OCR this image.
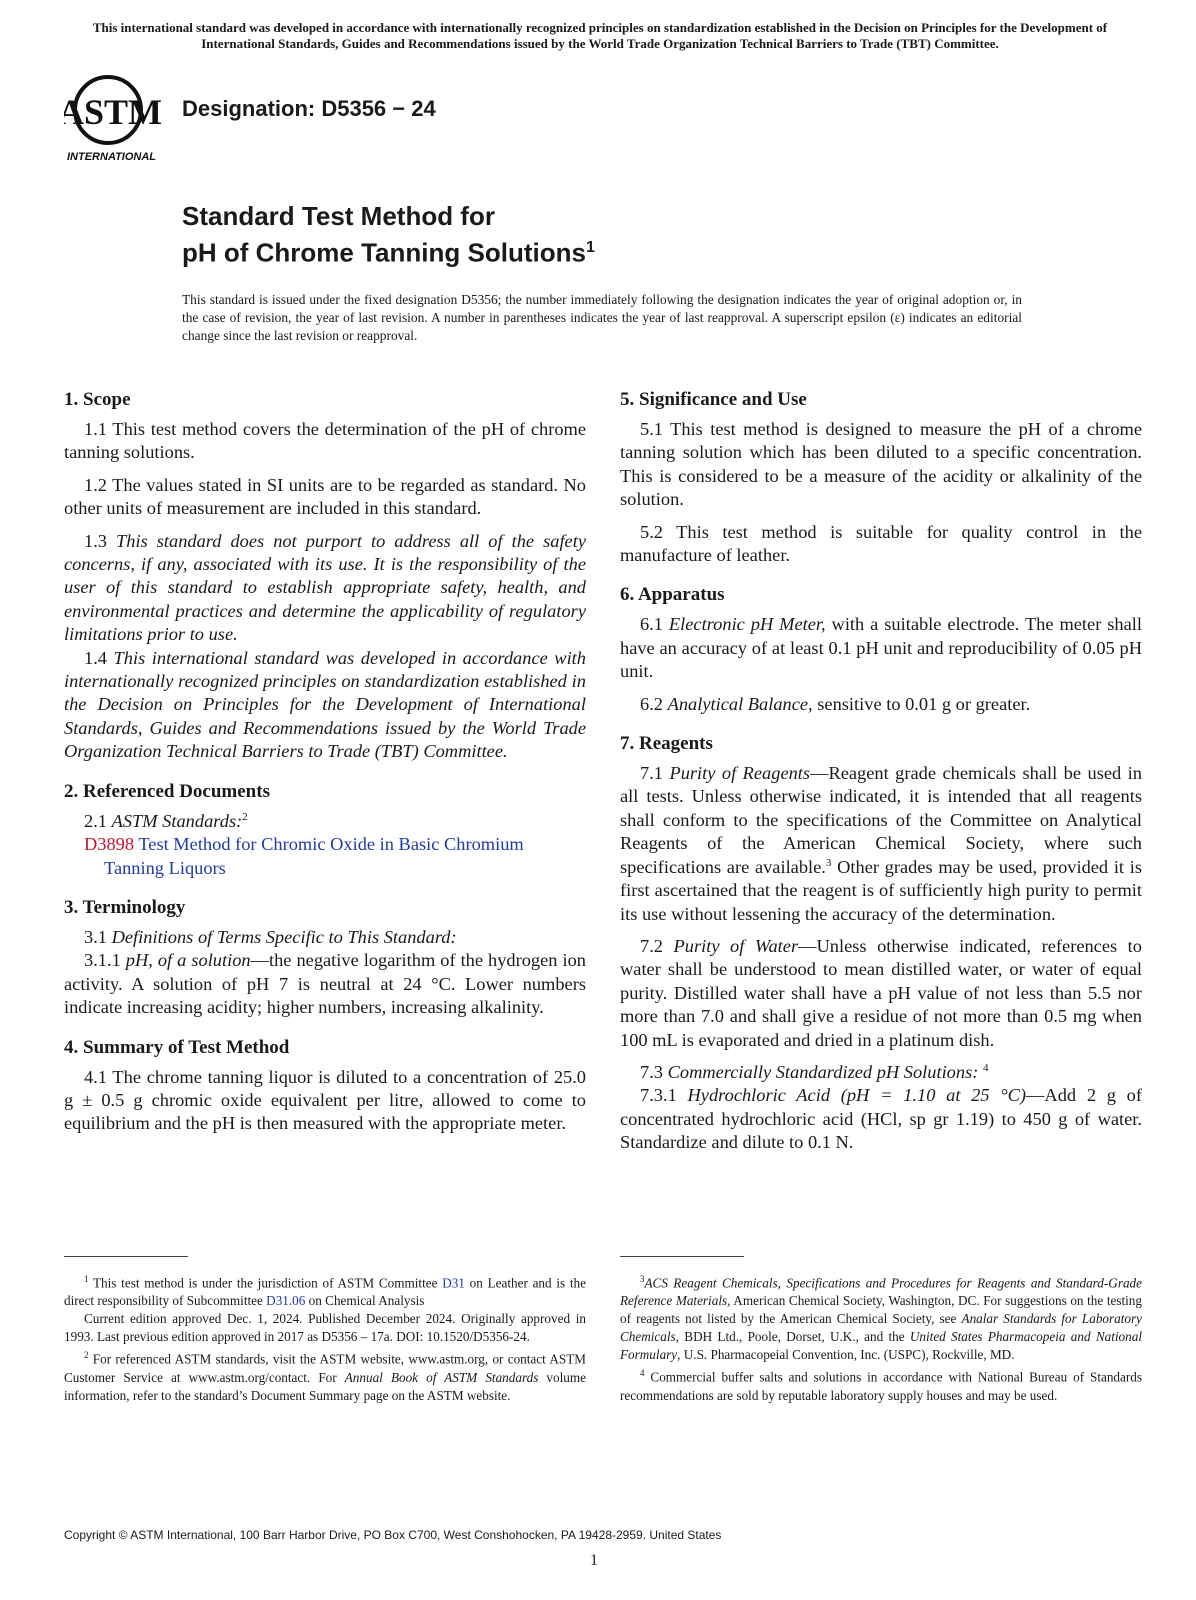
This international standard was developed in accordance with internationally recognized principles on standardization established in the Decision on Principles for the Development of International Standards, Guides and Recommendations issued by the World Trade Organization Technical Barriers to Trade (TBT) Committee.
ASTM
INTERNATIONAL
Designation: D5356 − 24
Standard Test Method for
pH of Chrome Tanning Solutions$^1$
This standard is issued under the fixed designation D5356; the number immediately following the designation indicates the year of original adoption or, in the case of revision, the year of last revision. A number in parentheses indicates the year of last reapproval. A superscript epsilon (ε) indicates an editorial change since the last revision or reapproval.
1. Scope

1.1 This test method covers the determination of the pH of chrome tanning solutions.

1.2 The values stated in SI units are to be regarded as standard. No other units of measurement are included in this standard.

1.3 This standard does not purport to address all of the safety concerns, if any, associated with its use. It is the responsibility of the user of this standard to establish appropriate safety, health, and environmental practices and determine the applicability of regulatory limitations prior to use.

1.4 This international standard was developed in accordance with internationally recognized principles on standardization established in the Decision on Principles for the Development of International Standards, Guides and Recommendations issued by the World Trade Organization Technical Barriers to Trade (TBT) Committee.

2. Referenced Documents

2.1 ASTM Standards:$^2$

D3898 Test Method for Chromic Oxide in Basic Chromium Tanning Liquors

3. Terminology

3.1 Definitions of Terms Specific to This Standard:

3.1.1 pH, of a solution—the negative logarithm of the hydrogen ion activity. A solution of pH 7 is neutral at 24 °C. Lower numbers indicate increasing acidity; higher numbers, increasing alkalinity.

4. Summary of Test Method

4.1 The chrome tanning liquor is diluted to a concentration of 25.0 g ± 0.5 g chromic oxide equivalent per litre, allowed to come to equilibrium and the pH is then measured with the appropriate meter.

5. Significance and Use

5.1 This test method is designed to measure the pH of a chrome tanning solution which has been diluted to a specific concentration. This is considered to be a measure of the acidity or alkalinity of the solution.

5.2 This test method is suitable for quality control in the manufacture of leather.

6. Apparatus

6.1 Electronic pH Meter, with a suitable electrode. The meter shall have an accuracy of at least 0.1 pH unit and reproducibility of 0.05 pH unit.

6.2 Analytical Balance, sensitive to 0.01 g or greater.

7. Reagents

7.1 Purity of Reagents—Reagent grade chemicals shall be used in all tests. Unless otherwise indicated, it is intended that all reagents shall conform to the specifications of the Committee on Analytical Reagents of the American Chemical Society, where such specifications are available.$^3$ Other grades may be used, provided it is first ascertained that the reagent is of sufficiently high purity to permit its use without lessening the accuracy of the determination.

7.2 Purity of Water—Unless otherwise indicated, references to water shall be understood to mean distilled water, or water of equal purity. Distilled water shall have a pH value of not less than 5.5 nor more than 7.0 and shall give a residue of not more than 0.5 mg when 100 mL is evaporated and dried in a platinum dish.

7.3 Commercially Standardized pH Solutions: $^4$

7.3.1 Hydrochloric Acid (pH = 1.10 at 25 °C)—Add 2 g of concentrated hydrochloric acid (HCl, sp gr 1.19) to 450 g of water. Standardize and dilute to 0.1 N.

$^1$ This test method is under the jurisdiction of ASTM Committee D31 on Leather and is the direct responsibility of Subcommittee D31.06 on Chemical Analysis

Current edition approved Dec. 1, 2024. Published December 2024. Originally approved in 1993. Last previous edition approved in 2017 as D5356 – 17a. DOI: 10.1520/D5356-24.

$^2$ For referenced ASTM standards, visit the ASTM website, www.astm.org, or contact ASTM Customer Service at www.astm.org/contact. For Annual Book of ASTM Standards volume information, refer to the standard’s Document Summary page on the ASTM website.

$^3$ACS Reagent Chemicals, Specifications and Procedures for Reagents and Standard-Grade Reference Materials, American Chemical Society, Washington, DC. For suggestions on the testing of reagents not listed by the American Chemical Society, see Analar Standards for Laboratory Chemicals, BDH Ltd., Poole, Dorset, U.K., and the United States Pharmacopeia and National Formulary, U.S. Pharmacopeial Convention, Inc. (USPC), Rockville, MD.

$^4$ Commercial buffer salts and solutions in accordance with National Bureau of Standards recommendations are sold by reputable laboratory supply houses and may be used.

Copyright © ASTM International, 100 Barr Harbor Drive, PO Box C700, West Conshohocken, PA 19428-2959. United States
1
